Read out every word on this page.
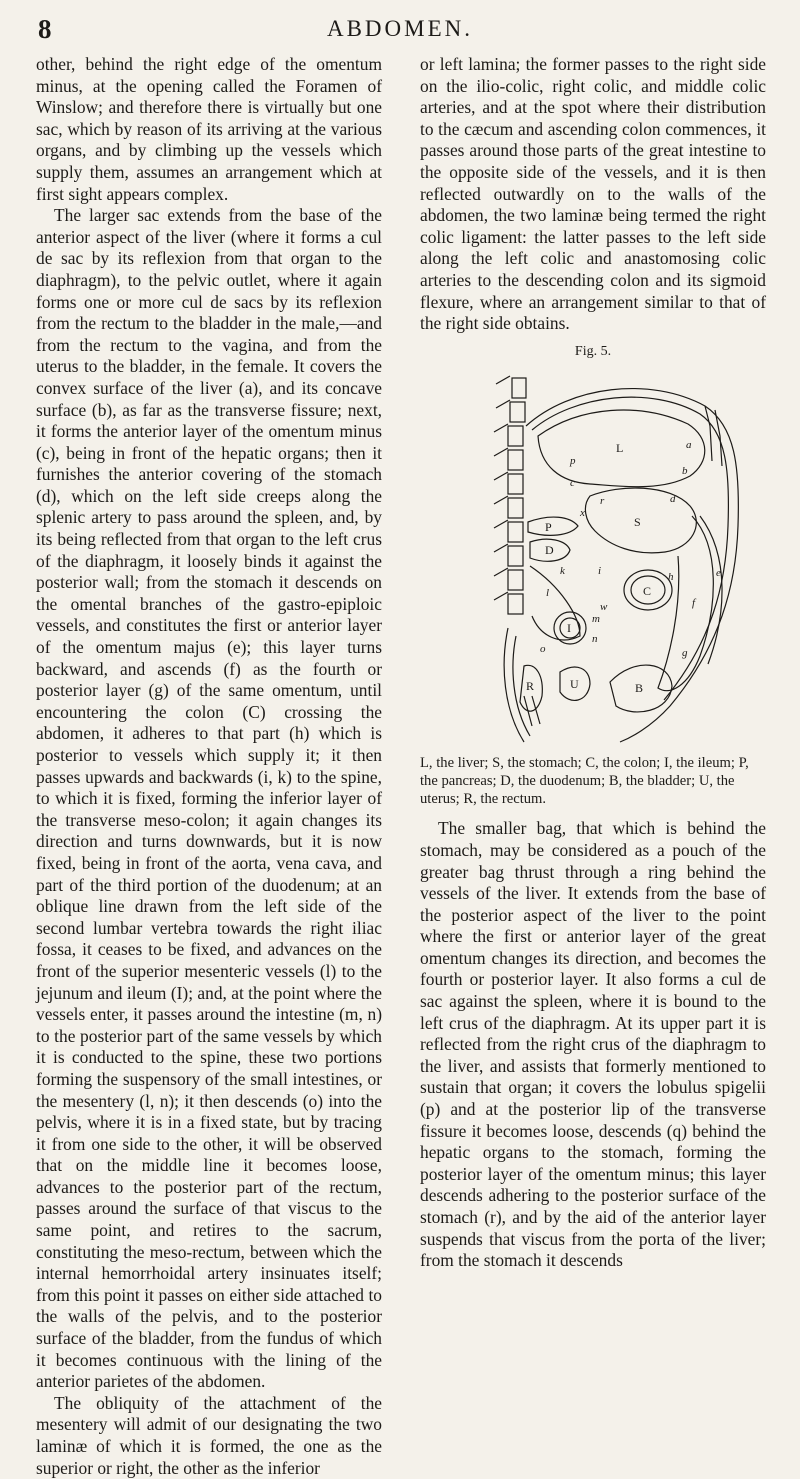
8	ABDOMEN.

other, behind the right edge of the omentum minus, at the opening called the Foramen of Winslow; and therefore there is virtually but one sac, which by reason of its arriving at the various organs, and by climbing up the vessels which supply them, assumes an arrangement which at first sight appears complex.

The larger sac extends from the base of the anterior aspect of the liver (where it forms a cul de sac by its reflexion from that organ to the diaphragm), to the pelvic outlet, where it again forms one or more cul de sacs by its reflexion from the rectum to the bladder in the male,—and from the rectum to the vagina, and from the uterus to the bladder, in the female. It covers the convex surface of the liver (a), and its concave surface (b), as far as the transverse fissure; next, it forms the anterior layer of the omentum minus (c), being in front of the hepatic organs; then it furnishes the anterior covering of the stomach (d), which on the left side creeps along the splenic artery to pass around the spleen, and, by its being reflected from that organ to the left crus of the diaphragm, it loosely binds it against the posterior wall; from the stomach it descends on the omental branches of the gastro-epiploic vessels, and constitutes the first or anterior layer of the omentum majus (e); this layer turns backward, and ascends (f) as the fourth or posterior layer (g) of the same omentum, until encountering the colon (C) crossing the abdomen, it adheres to that part (h) which is posterior to vessels which supply it; it then passes upwards and backwards (i, k) to the spine, to which it is fixed, forming the inferior layer of the transverse meso-colon; it again changes its direction and turns downwards, but it is now fixed, being in front of the aorta, vena cava, and part of the third portion of the duodenum; at an oblique line drawn from the left side of the second lumbar vertebra towards the right iliac fossa, it ceases to be fixed, and advances on the front of the superior mesenteric vessels (l) to the jejunum and ileum (I); and, at the point where the vessels enter, it passes around the intestine (m, n) to the posterior part of the same vessels by which it is conducted to the spine, these two portions forming the suspensory of the small intestines, or the mesentery (l, n); it then descends (o) into the pelvis, where it is in a fixed state, but by tracing it from one side to the other, it will be observed that on the middle line it becomes loose, advances to the posterior part of the rectum, passes around the surface of that viscus to the same point, and retires to the sacrum, constituting the meso-rectum, between which the internal hemorrhoidal artery insinuates itself; from this point it passes on either side attached to the walls of the pelvis, and to the posterior surface of the bladder, from the fundus of which it becomes continuous with the lining of the anterior parietes of the abdomen.

The obliquity of the attachment of the mesentery will admit of our designating the two laminæ of which it is formed, the one as the superior or right, the other as the inferior

or left lamina; the former passes to the right side on the ilio-colic, right colic, and middle colic arteries, and at the spot where their distribution to the cæcum and ascending colon commences, it passes around those parts of the great intestine to the opposite side of the vessels, and it is then reflected outwardly on to the walls of the abdomen, the two laminæ being termed the right colic ligament: the latter passes to the left side along the left colic and anastomosing colic arteries to the descending colon and its sigmoid flexure, where an arrangement similar to that of the right side obtains.

Fig. 5.
L
S
C
I
P
D
B
U
R
a
b
c
d
e
f
g
h
i
k
l
m
n
o
p
r
w
x
L, the liver; S, the stomach; C, the colon; I, the ileum; P, the pancreas; D, the duodenum; B, the bladder; U, the uterus; R, the rectum.

The smaller bag, that which is behind the stomach, may be considered as a pouch of the greater bag thrust through a ring behind the vessels of the liver. It extends from the base of the posterior aspect of the liver to the point where the first or anterior layer of the great omentum changes its direction, and becomes the fourth or posterior layer. It also forms a cul de sac against the spleen, where it is bound to the left crus of the diaphragm. At its upper part it is reflected from the right crus of the diaphragm to the liver, and assists that formerly mentioned to sustain that organ; it covers the lobulus spigelii (p) and at the posterior lip of the transverse fissure it becomes loose, descends (q) behind the hepatic organs to the stomach, forming the posterior layer of the omentum minus; this layer descends adhering to the posterior surface of the stomach (r), and by the aid of the anterior layer suspends that viscus from the porta of the liver; from the stomach it descends
